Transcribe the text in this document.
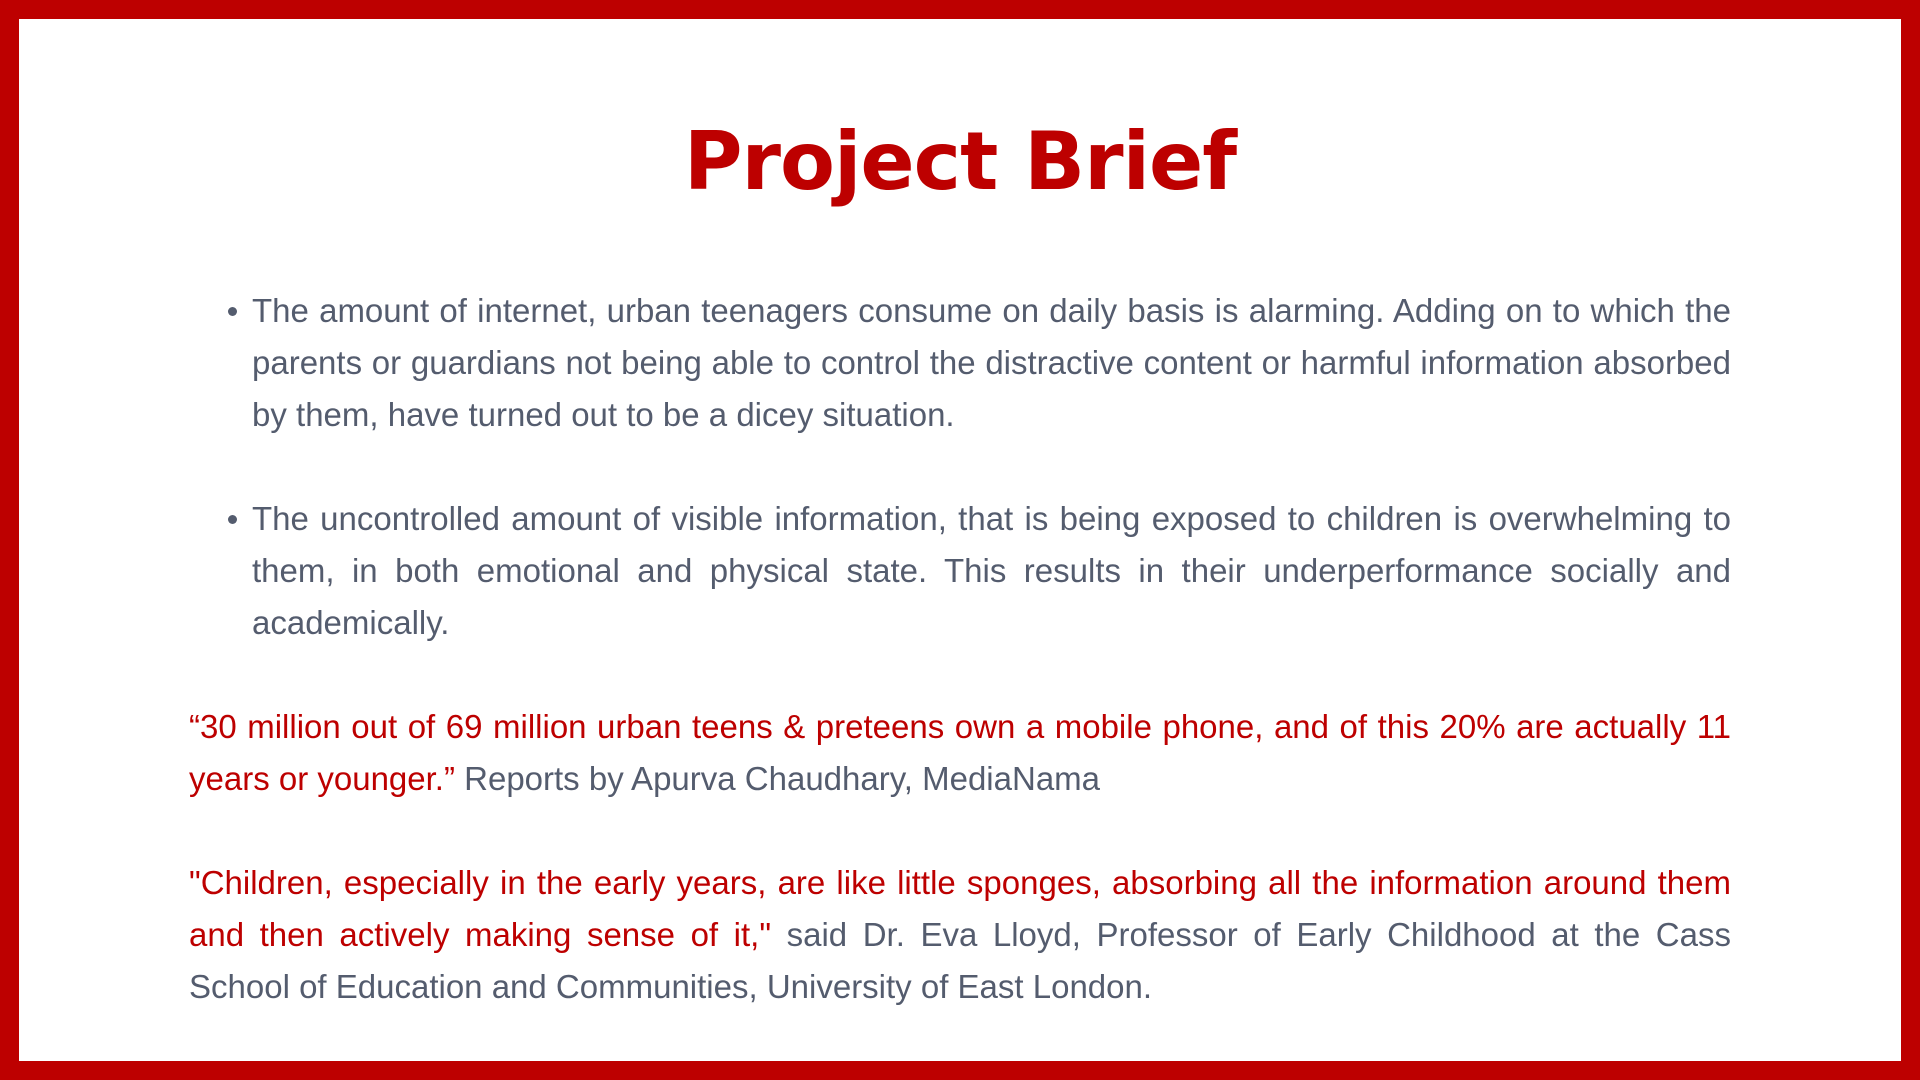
Project Brief
The amount of internet, urban teenagers consume on daily basis is alarming. Adding on to which the parents or guardians not being able to control the distractive content or harmful information absorbed by them, have turned out to be a dicey situation.
The uncontrolled amount of visible information, that is being exposed to children is overwhelming to them, in both emotional and physical state. This results in their underperformance socially and academically.

“30 million out of 69 million urban teens & preteens own a mobile phone, and of this 20% are actually 11 years or younger.” Reports by Apurva Chaudhary, MediaNama

"Children, especially in the early years, are like little sponges, absorbing all the information around them and then actively making sense of it," said Dr. Eva Lloyd, Professor of Early Childhood at the Cass School of Education and Communities, University of East London.
